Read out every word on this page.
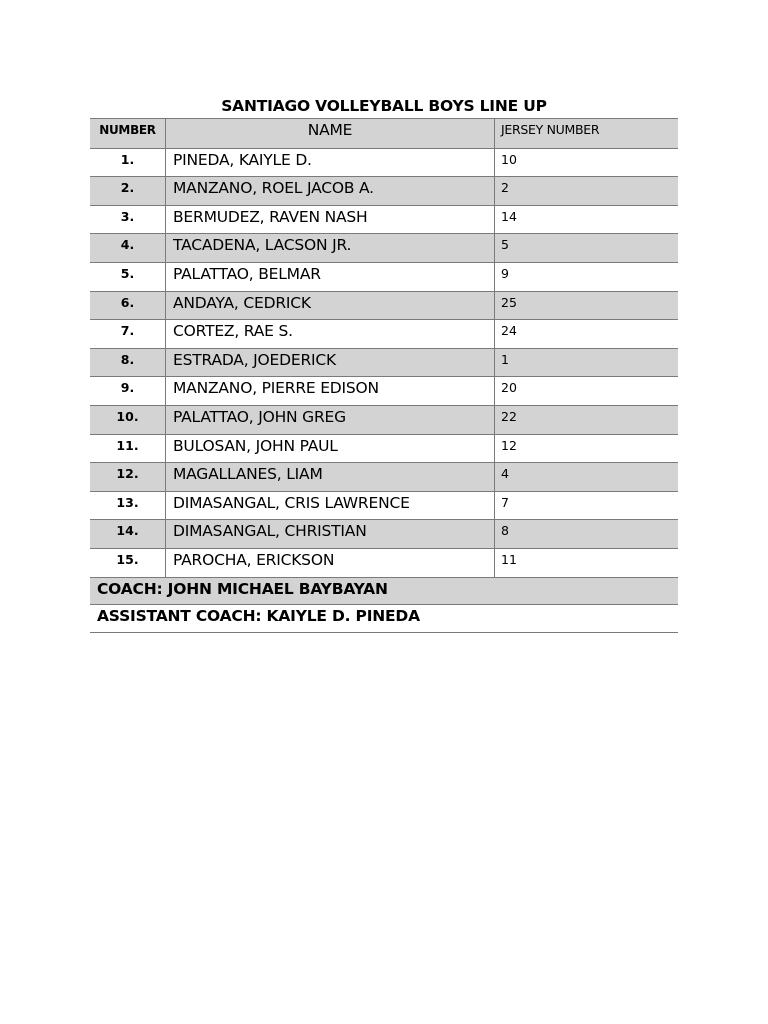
SANTIAGO VOLLEYBALL BOYS LINE UP
NUMBER	NAME	JERSEY NUMBER
1.	PINEDA, KAIYLE D.	10
2.	MANZANO, ROEL JACOB A.	2
3.	BERMUDEZ, RAVEN NASH	14
4.	TACADENA, LACSON JR.	5
5.	PALATTAO, BELMAR	9
6.	ANDAYA, CEDRICK	25
7.	CORTEZ, RAE S.	24
8.	ESTRADA, JOEDERICK	1
9.	MANZANO, PIERRE EDISON	20
10.	PALATTAO, JOHN GREG	22
11.	BULOSAN, JOHN PAUL	12
12.	MAGALLANES, LIAM	4
13.	DIMASANGAL, CRIS LAWRENCE	7
14.	DIMASANGAL, CHRISTIAN	8
15.	PAROCHA, ERICKSON	11
COACH: JOHN MICHAEL BAYBAYAN		
ASSISTANT COACH: KAIYLE D. PINEDA		
